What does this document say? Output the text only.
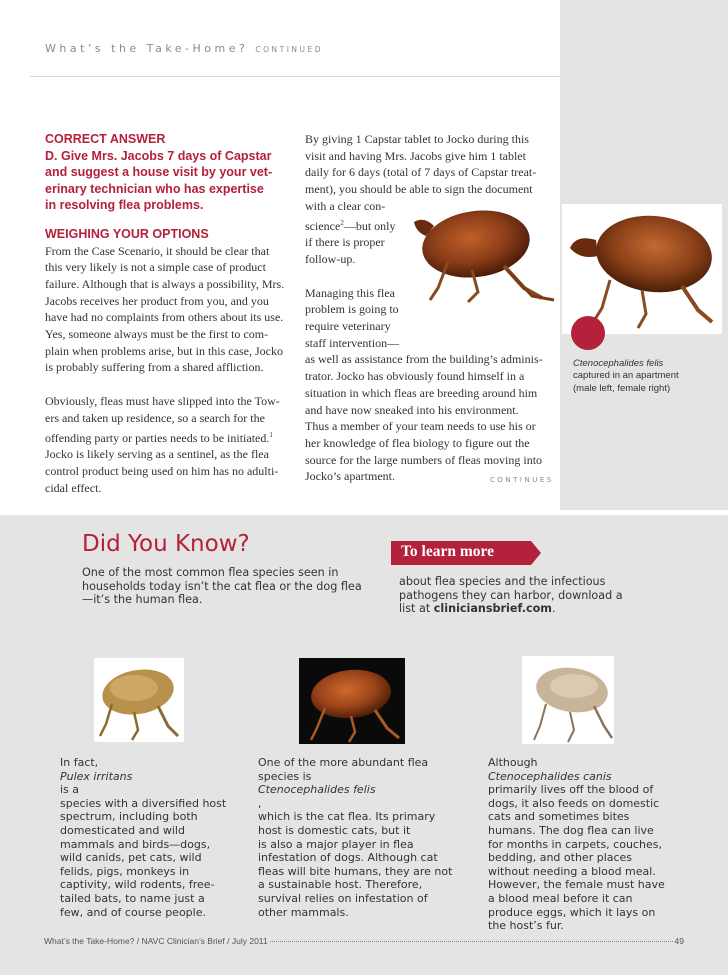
What’s the Take-Home? CONTINUED

CORRECT ANSWER

D. Give Mrs. Jacobs 7 days of Capstar

and suggest a house visit by your vet-

erinary technician who has expertise

in resolving flea problems.

WEIGHING YOUR OPTIONS

From the Case Scenario, it should be clear that

this very likely is not a simple case of product

failure. Although that is always a possibility, Mrs.

Jacobs receives her product from you, and you

have had no complaints from others about its use.

Yes, someone always must be the first to com-

plain when problems arise, but in this case, Jocko

is probably suffering from a shared affliction.

Obviously, fleas must have slipped into the Tow-

ers and taken up residence, so a search for the

offending party or parties needs to be initiated.$^1$

Jocko is likely serving as a sentinel, as the flea

control product being used on him has no adulti-

cidal effect.

By giving 1 Capstar tablet to Jocko during this

visit and having Mrs. Jacobs give him 1 tablet

daily for 6 days (total of 7 days of Capstar treat-

ment), you should be able to sign the document

with a clear con-

science$^2$—but only

if there is proper

follow-up.

Managing this flea

problem is going to

require veterinary

staff intervention—

as well as assistance from the building’s adminis-

trator. Jocko has obviously found himself in a

situation in which fleas are breeding around him

and have now sneaked into his environment.

Thus a member of your team needs to use his or

her knowledge of flea biology to figure out the

source for the large numbers of fleas moving into

Jocko’s apartment.	CONTINUES
Ctenocephalides felis
captured in an apartment
(male left, female right)
Did You Know?
One of the most common flea species seen in
households today isn’t the cat flea or the dog flea
—it’s the human flea.
To learn more
about flea species and the infectious
pathogens they can harbor, download a
list at cliniciansbrief.com.
In fact,
Pulex irritans
is a
species with a diversified host
spectrum, including both
domesticated and wild
mammals and birds—dogs,
wild canids, pet cats, wild
felids, pigs, monkeys in
captivity, wild rodents, free-
tailed bats, to name just a
few, and of course people.
One of the more abundant flea
species is
Ctenocephalides felis
,
which is the cat flea. Its primary
host is domestic cats, but it
is also a major player in flea
infestation of dogs. Although cat
fleas will bite humans, they are not
a sustainable host. Therefore,
survival relies on infestation of
other mammals.
Although
Ctenocephalides canis
primarily lives off the blood of
dogs, it also feeds on domestic
cats and sometimes bites
humans. The dog flea can live
for months in carpets, couches,
bedding, and other places
without needing a blood meal.
However, the female must have
a blood meal before it can
produce eggs, which it lays on
the host’s fur.
What’s the Take-Home? / NAVC Clinician’s Brief / July 2011	49
